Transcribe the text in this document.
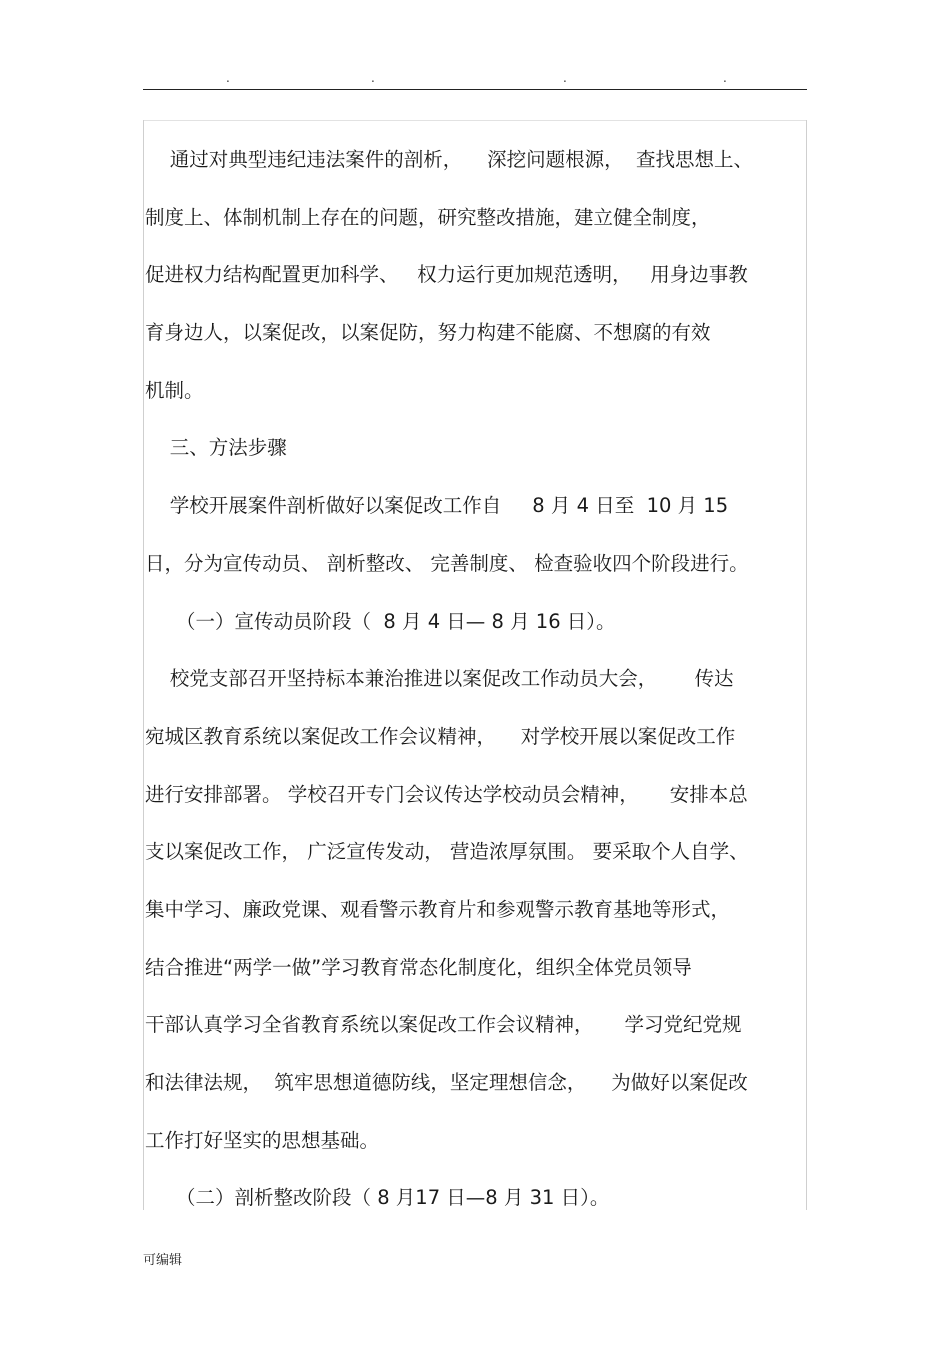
.	.	.	.
通过对典型违纪违法案件的剖析，    深挖问题根源，  查找思想上、
制度上、体制机制上存在的问题，研究整改措施，建立健全制度，
促进权力结构配置更加科学、   权力运行更加规范透明，   用身边事教
育身边人，以案促改，以案促防，努力构建不能腐、不想腐的有效
机制。
三、方法步骤
学校开展案件剖析做好以案促改工作自     8 月 4 日至  10 月 15
日，分为宣传动员、 剖析整改、 完善制度、 检查验收四个阶段进行。
（一）宣传动员阶段（  8 月 4 日— 8 月 16 日）。
校党支部召开坚持标本兼治推进以案促改工作动员大会，      传达
宛城区教育系统以案促改工作会议精神，    对学校开展以案促改工作
进行安排部署。 学校召开专门会议传达学校动员会精神，     安排本总
支以案促改工作， 广泛宣传发动， 营造浓厚氛围。 要采取个人自学、
集中学习、廉政党课、观看警示教育片和参观警示教育基地等形式，
结合推进“两学一做”学习教育常态化制度化，组织全体党员领导
干部认真学习全省教育系统以案促改工作会议精神，     学习党纪党规
和法律法规，  筑牢思想道德防线，坚定理想信念，    为做好以案促改
工作打好坚实的思想基础。
（二）剖析整改阶段（ 8 月17 日—8 月 31 日）。
可编辑
